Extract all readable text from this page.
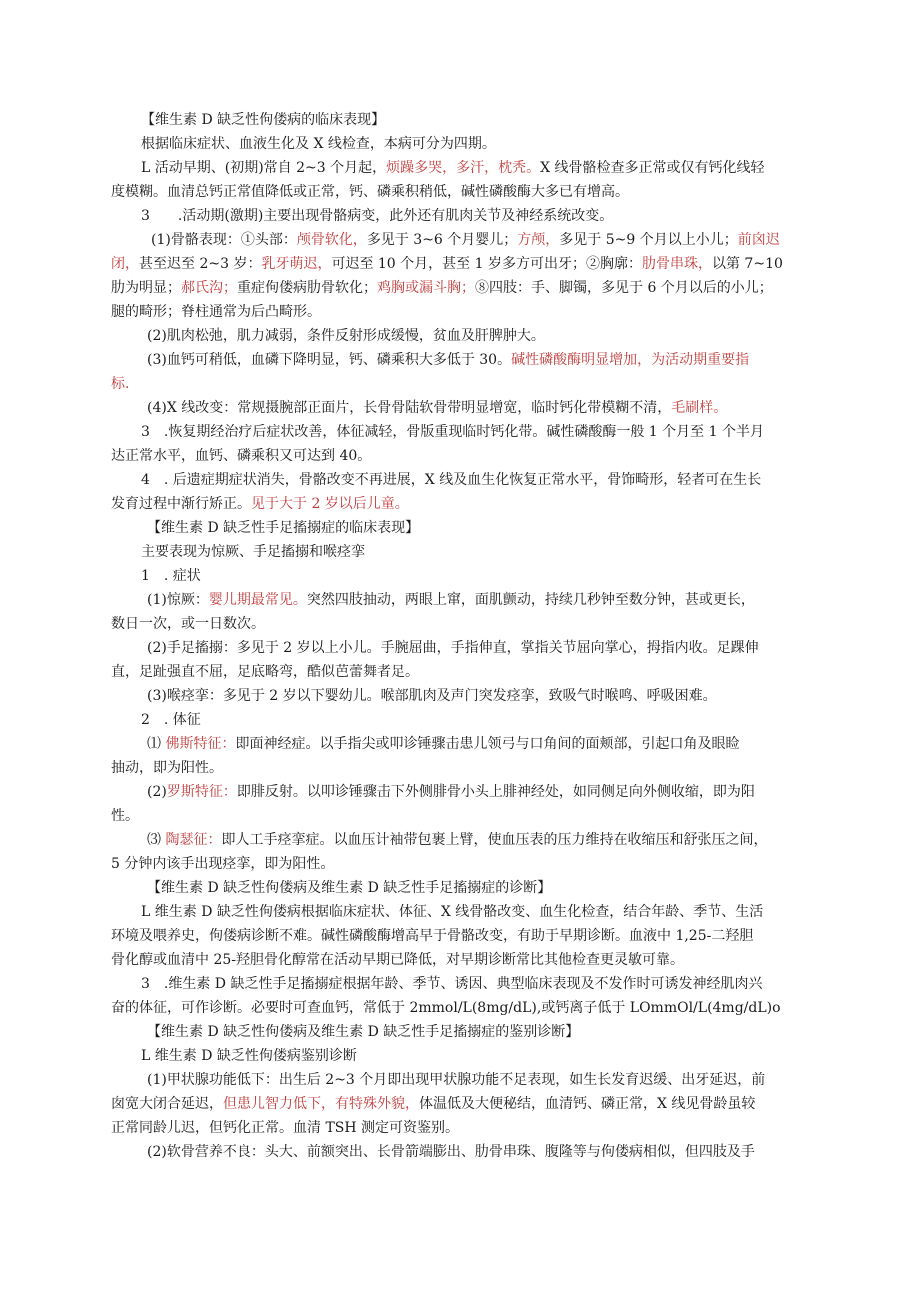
【维生素 D 缺乏性佝偻病的临床表现】
根据临床症状、血液生化及 X 线检查，本病可分为四期。
L 活动早期、(初期)常自 2~3 个月起，烦躁多哭，多汗，枕秃。X 线骨骼检查多正常或仅有钙化线轻
度模糊。血清总钙正常值降低或正常，钙、磷乘积稍低，碱性磷酸酶大多已有增高。
3　　.活动期(激期)主要出现骨骼病变，此外还有肌肉关节及神经系统改变。
(1)骨骼表现：①头部：颅骨软化，多见于 3~6 个月婴儿；方颅，多见于 5~9 个月以上小儿；前囟迟
闭，甚至迟至 2~3 岁：乳牙萌迟，可迟至 10 个月，甚至 1 岁多方可出牙；②胸廓：肋骨串珠，以第 7~10
肋为明显；郝氏沟；重症佝偻病肋骨软化；鸡胸或漏斗胸；⑧四肢：手、脚镯，多见于 6 个月以后的小儿；
腿的畸形；脊柱通常为后凸畸形。
(2)肌肉松弛，肌力减弱，条件反射形成缓慢，贫血及肝脾肿大。
(3)血钙可稍低，血磷下降明显，钙、磷乘积大多低于 30。碱性磷酸酶明显增加，为活动期重要指
标.
(4)X 线改变：常规摄腕部正面片，长骨骨陆软骨带明显增宽，临时钙化带模糊不清，毛刷样。
3　.恢复期经治疗后症状改善，体征减轻，骨版重现临时钙化带。碱性磷酸酶一般 1 个月至 1 个半月
达正常水平，血钙、磷乘积又可达到 40。
4　. 后遗症期症状消失，骨骼改变不再进展，X 线及血生化恢复正常水平，骨饰畸形，轻者可在生长
发育过程中渐行矫正。见于大于 2 岁以后儿童。
【维生素 D 缺乏性手足搐搦症的临床表现】
主要表现为惊厥、手足搐搦和喉痉挛
1　. 症状
(1)惊厥：婴儿期最常见。突然四肢抽动，两眼上窜，面肌颤动，持续几秒钟至数分钟，甚或更长，
数日一次，或一日数次。
(2)手足搐搦：多见于 2 岁以上小儿。手腕屈曲，手指伸直，掌指关节屈向掌心，拇指内收。足踝伸
直，足趾强直不屈，足底略弯，酷似芭蕾舞者足。
(3)喉痉挛：多见于 2 岁以下婴幼儿。喉部肌肉及声门突发痉挛，致吸气时喉鸣、呼吸困难。
2　. 体征
⑴ 佛斯特征：即面神经症。以手指尖或叩诊锤骤击患儿领弓与口角间的面颊部，引起口角及眼睑
抽动，即为阳性。
(2)罗斯特征：即腓反射。以叩诊锤骤击下外侧腓骨小头上腓神经处，如同侧足向外侧收缩，即为阳
性。
⑶ 陶瑟征：即人工手痉挛症。以血压计袖带包裹上臂，使血压表的压力维持在收缩压和舒张压之间，
5 分钟内该手出现痉挛，即为阳性。
【维生素 D 缺乏性佝偻病及维生素 D 缺乏性手足搐搦症的诊断】
L 维生素 D 缺乏性佝偻病根据临床症状、体征、X 线骨骼改变、血生化检查，结合年龄、季节、生活
环境及喂养史，佝偻病诊断不难。碱性磷酸酶增高早于骨骼改变，有助于早期诊断。血液中 1,25-二羟胆
骨化醇或血清中 25-羟胆骨化醇常在活动早期已降低，对早期诊断常比其他检查更灵敏可靠。
3　.维生素 D 缺乏性手足搐搦症根据年龄、季节、诱因、典型临床表现及不发作时可诱发神经肌肉兴
奋的体征，可作诊断。必要时可查血钙，常低于 2mmol/L(8mg∕dL),或钙离子低于 LOmmOl/L(4mg/dL)o
【维生素 D 缺乏性佝偻病及维生素 D 缺乏性手足搐搦症的鉴别诊断】
L 维生素 D 缺乏性佝偻病鉴别诊断
(1)甲状腺功能低下：出生后 2~3 个月即出现甲状腺功能不足表现，如生长发育迟缓、出牙延迟，前
囱宽大闭合延迟，但患儿智力低下，有特殊外貌，体温低及大便秘结，血清钙、磷正常，X 线见骨龄虽较
正常同龄儿迟，但钙化正常。血清 TSH 测定可资鉴别。
(2)软骨营养不良：头大、前额突出、长骨箭端膨出、肋骨串珠、腹隆等与佝偻病相似，但四肢及手
